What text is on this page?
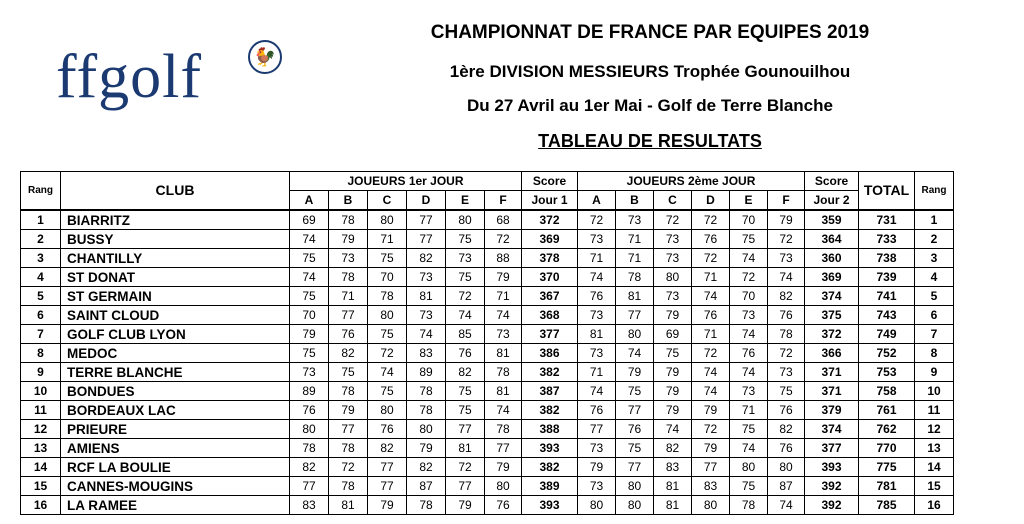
ffgolf	🐓
CHAMPIONNAT DE FRANCE PAR EQUIPES 2019
1ère DIVISION MESSIEURS Trophée Gounouilhou
Du 27 Avril au 1er Mai - Golf de Terre Blanche
TABLEAU DE RESULTATS
Rang	CLUB	JOUEURS 1er JOUR						Score	JOUEURS 2ème JOUR						Score	TOTAL	Rang
		A	B	C	D	E	F	Jour 1	A	B	C	D	E	F	Jour 2		
1	BIARRITZ	69	78	80	77	80	68	372	72	73	72	72	70	79	359	731	1
2	BUSSY	74	79	71	77	75	72	369	73	71	73	76	75	72	364	733	2
3	CHANTILLY	75	73	75	82	73	88	378	71	71	73	72	74	73	360	738	3
4	ST DONAT	74	78	70	73	75	79	370	74	78	80	71	72	74	369	739	4
5	ST GERMAIN	75	71	78	81	72	71	367	76	81	73	74	70	82	374	741	5
6	SAINT CLOUD	70	77	80	73	74	74	368	73	77	79	76	73	76	375	743	6
7	GOLF CLUB LYON	79	76	75	74	85	73	377	81	80	69	71	74	78	372	749	7
8	MEDOC	75	82	72	83	76	81	386	73	74	75	72	76	72	366	752	8
9	TERRE BLANCHE	73	75	74	89	82	78	382	71	79	79	74	74	73	371	753	9
10	BONDUES	89	78	75	78	75	81	387	74	75	79	74	73	75	371	758	10
11	BORDEAUX LAC	76	79	80	78	75	74	382	76	77	79	79	71	76	379	761	11
12	PRIEURE	80	77	76	80	77	78	388	77	76	74	72	75	82	374	762	12
13	AMIENS	78	78	82	79	81	77	393	73	75	82	79	74	76	377	770	13
14	RCF LA BOULIE	82	72	77	82	72	79	382	79	77	83	77	80	80	393	775	14
15	CANNES-MOUGINS	77	78	77	87	77	80	389	73	80	81	83	75	87	392	781	15
16	LA RAMEE	83	81	79	78	79	76	393	80	80	81	80	78	74	392	785	16
